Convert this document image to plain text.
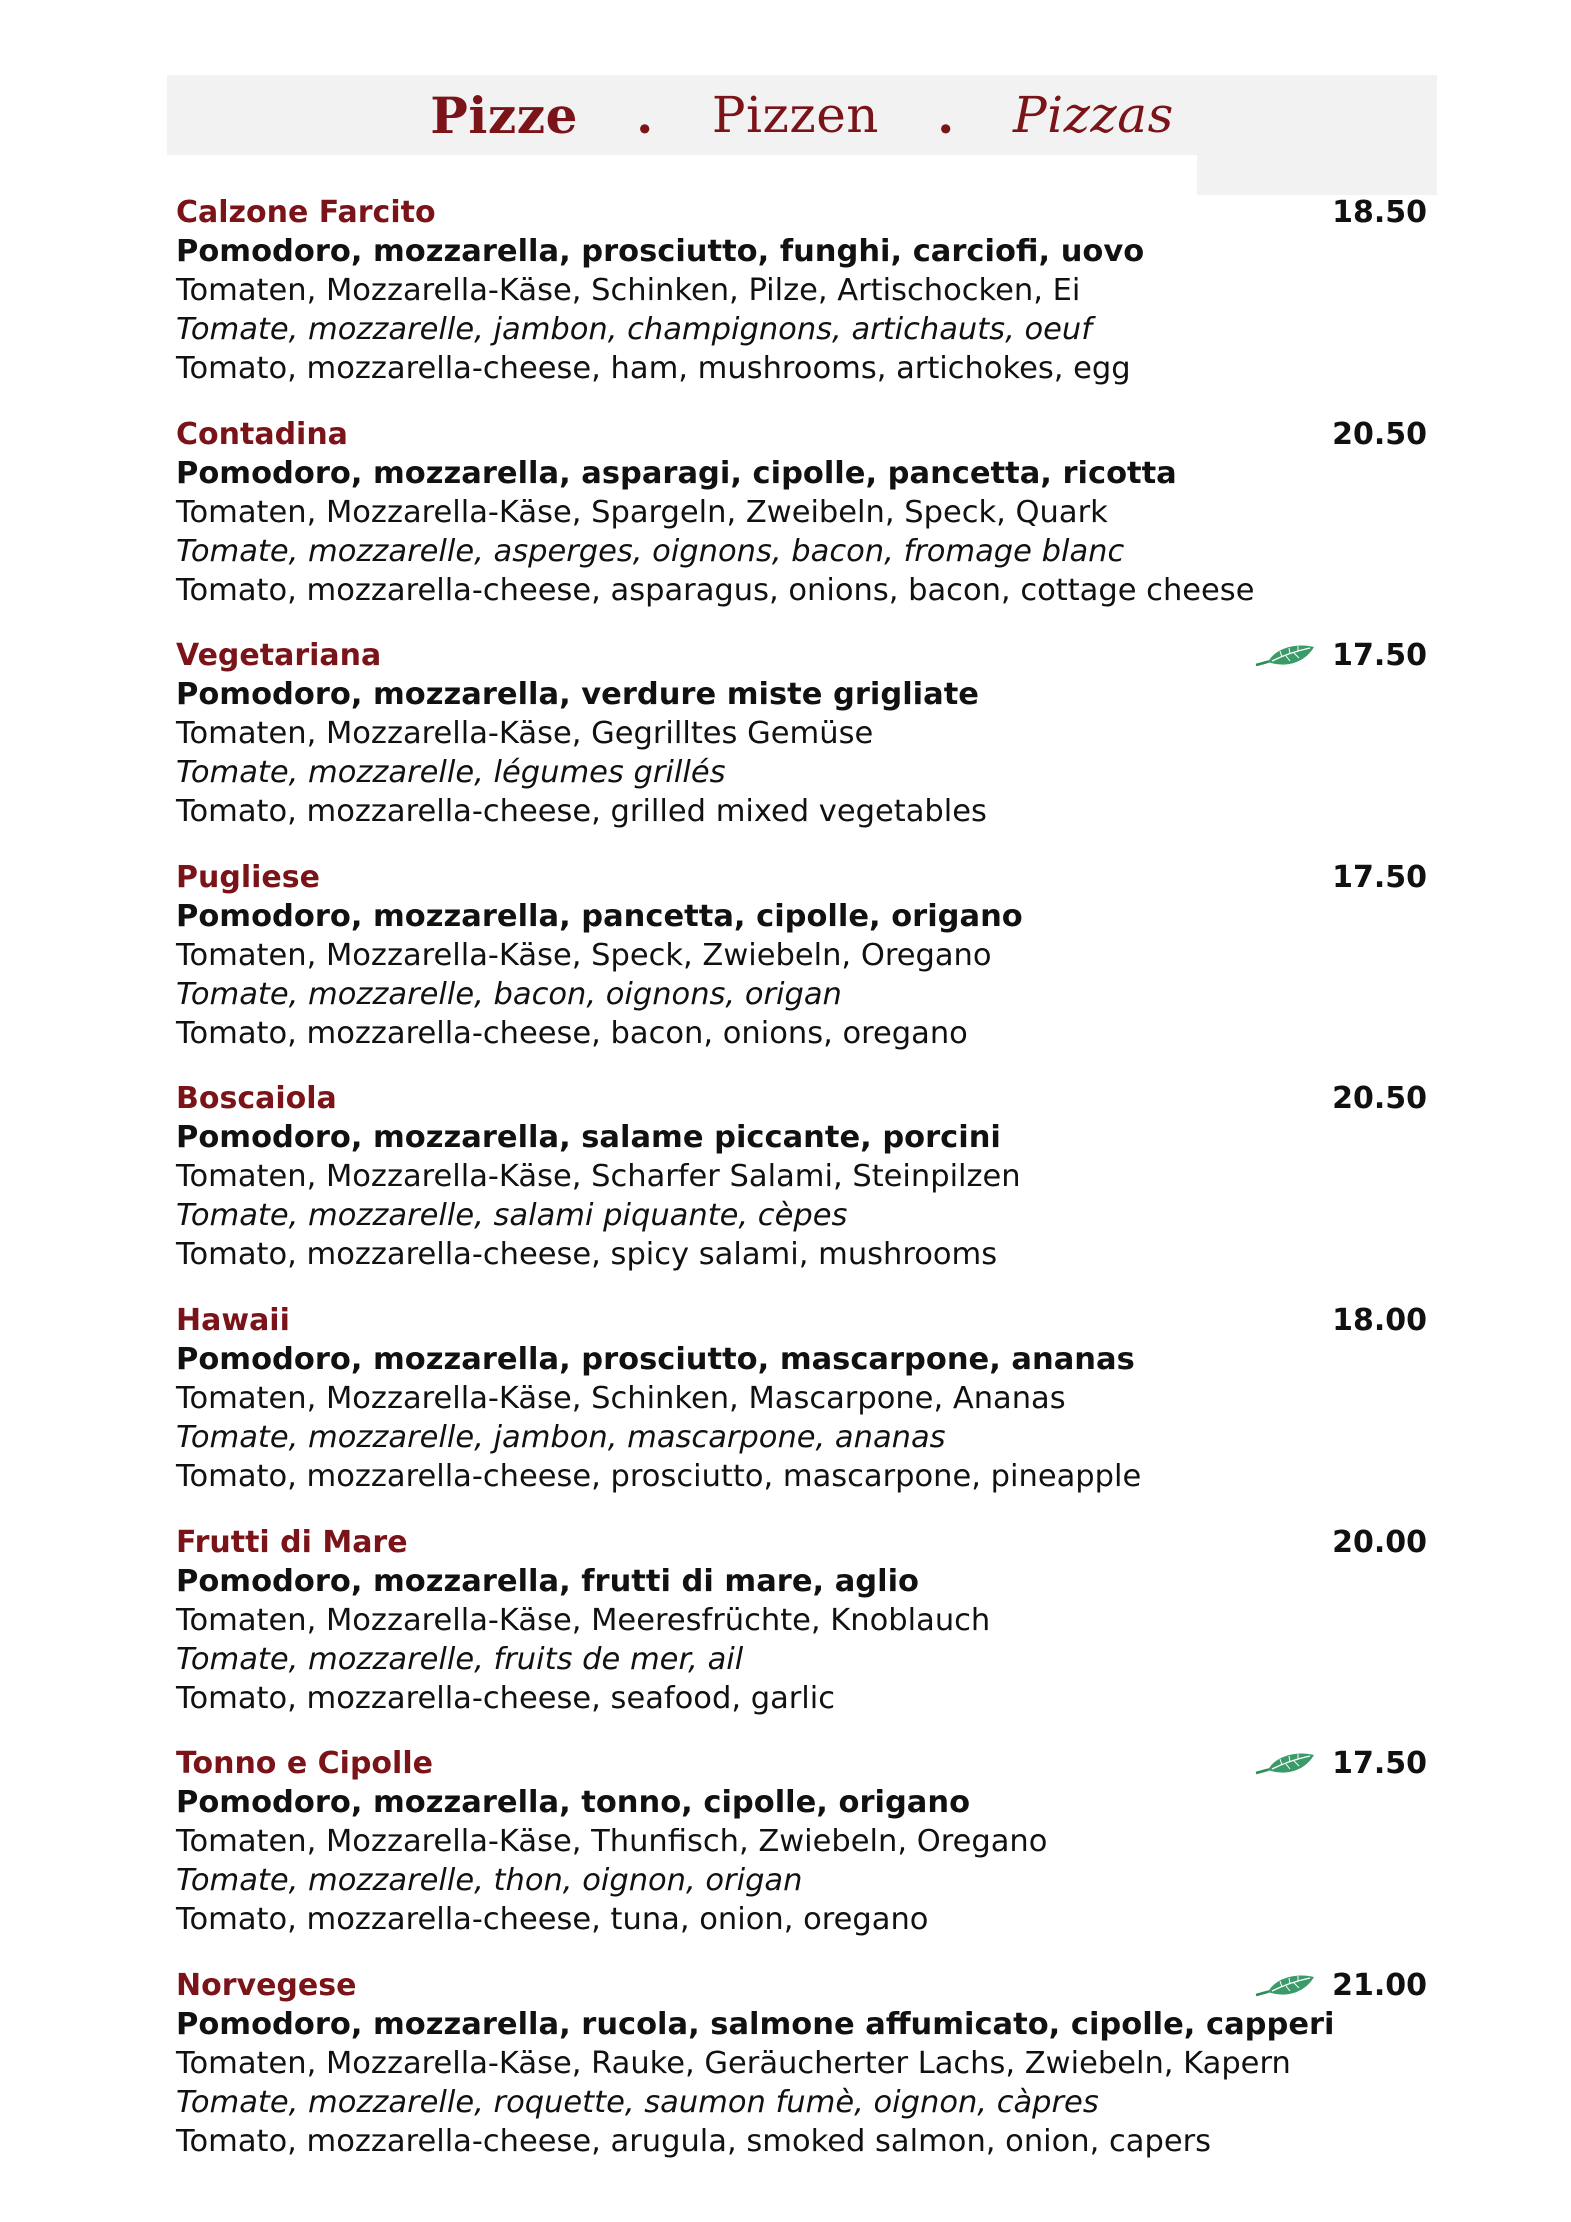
Pizze . Pizzen . Pizzas
Calzone Farcito	18.50
Pomodoro, mozzarella, prosciutto, funghi, carciofi, uovo
Tomaten, Mozzarella-Käse, Schinken, Pilze, Artischocken, Ei
Tomate, mozzarelle, jambon, champignons, artichauts, oeuf
Tomato, mozzarella-cheese, ham, mushrooms, artichokes, egg
Contadina	20.50
Pomodoro, mozzarella, asparagi, cipolle, pancetta, ricotta
Tomaten, Mozzarella-Käse, Spargeln, Zweibeln, Speck, Quark
Tomate, mozzarelle, asperges, oignons, bacon, fromage blanc
Tomato, mozzarella-cheese, asparagus, onions, bacon, cottage cheese
Vegetariana	17.50
Pomodoro, mozzarella, verdure miste grigliate
Tomaten, Mozzarella-Käse, Gegrilltes Gemüse
Tomate, mozzarelle, légumes grillés
Tomato, mozzarella-cheese, grilled mixed vegetables
Pugliese	17.50
Pomodoro, mozzarella, pancetta, cipolle, origano
Tomaten, Mozzarella-Käse, Speck, Zwiebeln, Oregano
Tomate, mozzarelle, bacon, oignons, origan
Tomato, mozzarella-cheese, bacon, onions, oregano
Boscaiola	20.50
Pomodoro, mozzarella, salame piccante, porcini
Tomaten, Mozzarella-Käse, Scharfer Salami, Steinpilzen
Tomate, mozzarelle, salami piquante, cèpes
Tomato, mozzarella-cheese, spicy salami, mushrooms
Hawaii	18.00
Pomodoro, mozzarella, prosciutto, mascarpone, ananas
Tomaten, Mozzarella-Käse, Schinken, Mascarpone, Ananas
Tomate, mozzarelle, jambon, mascarpone, ananas
Tomato, mozzarella-cheese, prosciutto, mascarpone, pineapple
Frutti di Mare	20.00
Pomodoro, mozzarella, frutti di mare, aglio
Tomaten, Mozzarella-Käse, Meeresfrüchte, Knoblauch
Tomate, mozzarelle, fruits de mer, ail
Tomato, mozzarella-cheese, seafood, garlic
Tonno e Cipolle	17.50
Pomodoro, mozzarella, tonno, cipolle, origano
Tomaten, Mozzarella-Käse, Thunfisch, Zwiebeln, Oregano
Tomate, mozzarelle, thon, oignon, origan
Tomato, mozzarella-cheese, tuna, onion, oregano
Norvegese	21.00
Pomodoro, mozzarella, rucola, salmone affumicato, cipolle, capperi
Tomaten, Mozzarella-Käse, Rauke, Geräucherter Lachs, Zwiebeln, Kapern
Tomate, mozzarelle, roquette, saumon fumè, oignon, càpres
Tomato, mozzarella-cheese, arugula, smoked salmon, onion, capers
